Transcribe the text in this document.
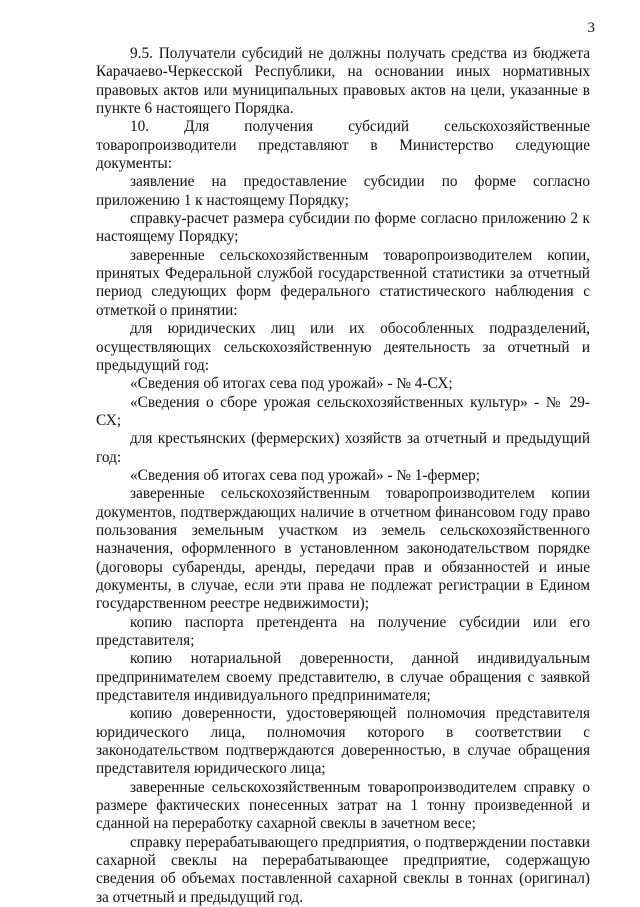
3

9.5. Получатели субсидий не должны получать средства из бюджета Карачаево-Черкесской Республики, на основании иных нормативных правовых актов или муниципальных правовых актов на цели, указанные в пункте 6 настоящего Порядка.

10. Для получения субсидий сельскохозяйственные товаропроизводители представляют в Министерство следующие документы:

заявление на предоставление субсидии по форме согласно приложению 1 к настоящему Порядку;

справку-расчет размера субсидии по форме согласно приложению 2 к настоящему Порядку;

заверенные сельскохозяйственным товаропроизводителем копии, принятых Федеральной службой государственной статистики за отчетный период следующих форм федерального статистического наблюдения с отметкой о принятии:

для юридических лиц или их обособленных подразделений, осуществляющих сельскохозяйственную деятельность за отчетный и предыдущий год:

«Сведения об итогах сева под урожай» - № 4-СХ;

«Сведения о сборе урожая сельскохозяйственных культур» - № 29-СХ;

для крестьянских (фермерских) хозяйств за отчетный и предыдущий год:

«Сведения об итогах сева под урожай» - № 1-фермер;

заверенные сельскохозяйственным товаропроизводителем копии документов, подтверждающих наличие в отчетном финансовом году право пользования земельным участком из земель сельскохозяйственного назначения, оформленного в установленном законодательством порядке (договоры субаренды, аренды, передачи прав и обязанностей и иные документы, в случае, если эти права не подлежат регистрации в Едином государственном реестре недвижимости);

копию паспорта претендента на получение субсидии или его представителя;

копию нотариальной доверенности, данной индивидуальным предпринимателем своему представителю, в случае обращения с заявкой представителя индивидуального предпринимателя;

копию доверенности, удостоверяющей полномочия представителя юридического лица, полномочия которого в соответствии с законодательством подтверждаются доверенностью, в случае обращения представителя юридического лица;

заверенные сельскохозяйственным товаропроизводителем справку о размере фактических понесенных затрат на 1 тонну произведенной и сданной на переработку сахарной свеклы в зачетном весе;

справку перерабатывающего предприятия, о подтверждении поставки сахарной свеклы на перерабатывающее предприятие, содержащую сведения об объемах поставленной сахарной свеклы в тоннах (оригинал) за отчетный и предыдущий год.
